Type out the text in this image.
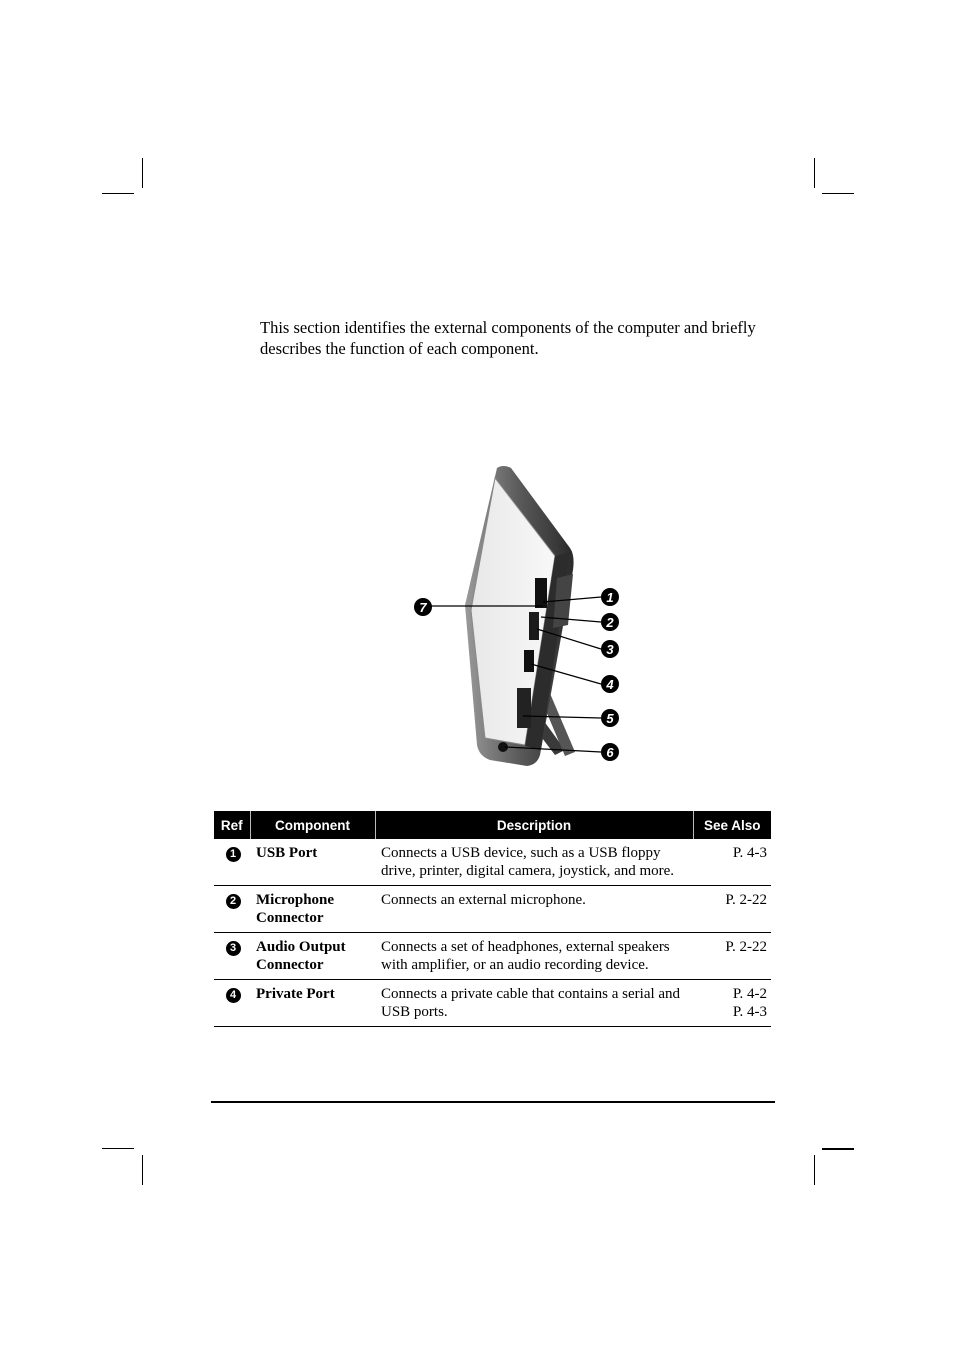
This section identifies the external components of the computer and briefly describes the function of each component.

7
1
2
3
4
5
6
Ref	Component	Description	See Also
1	USB Port	Connects a USB device, such as a USB floppy drive, printer, digital camera, joystick, and more.	P. 4-3

2	Microphone Connector	Connects an external microphone.	P. 2-22

3	Audio Output Connector	Connects a set of headphones, external speakers with amplifier, or an audio recording device.	P. 2-22

4	Private Port	Connects a private cable that contains a serial and USB ports.	P. 4-2
P. 4-3
